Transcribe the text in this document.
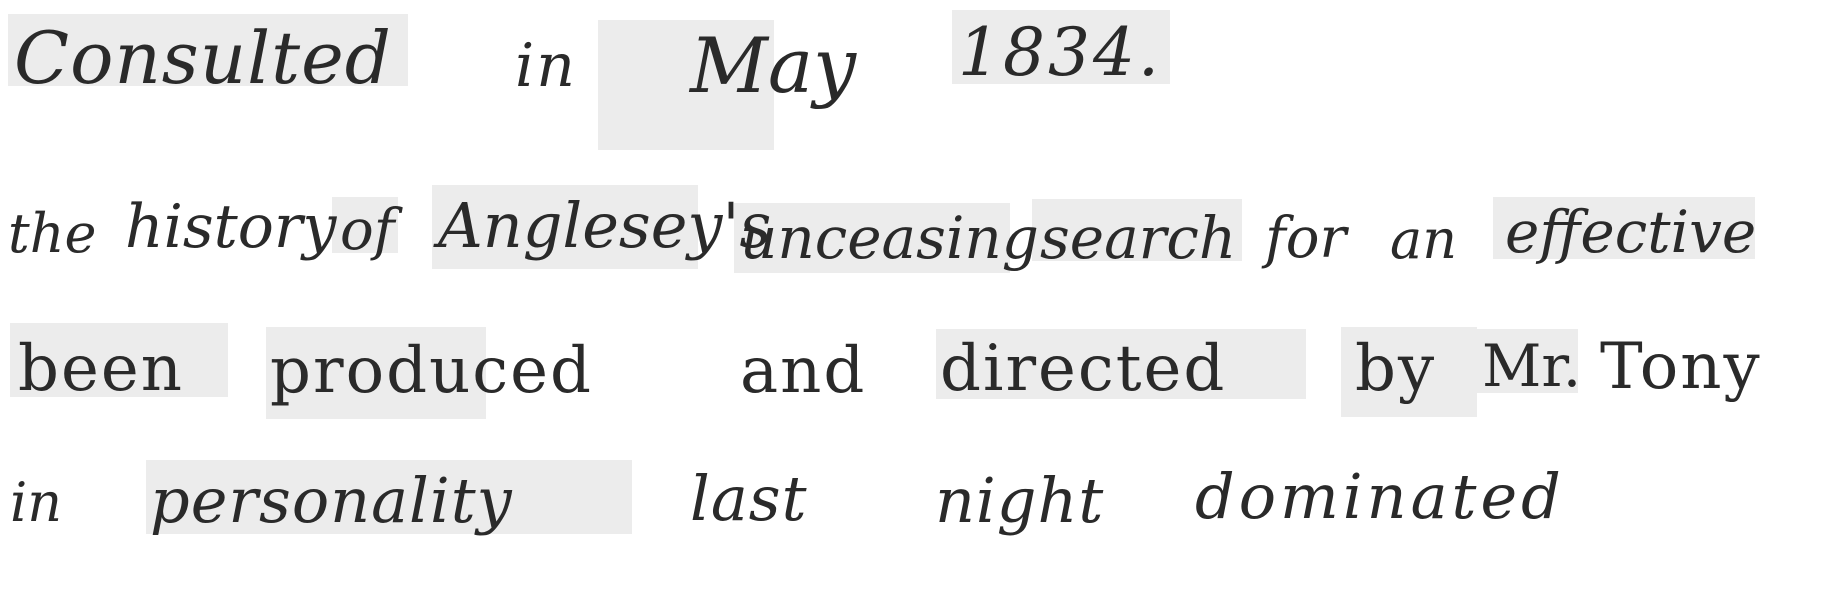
Consulted in May 1834.
the history of Anglesey's
unceasing search for an effective
been produced and directed by Mr. Tony
in personality	last night dominated
